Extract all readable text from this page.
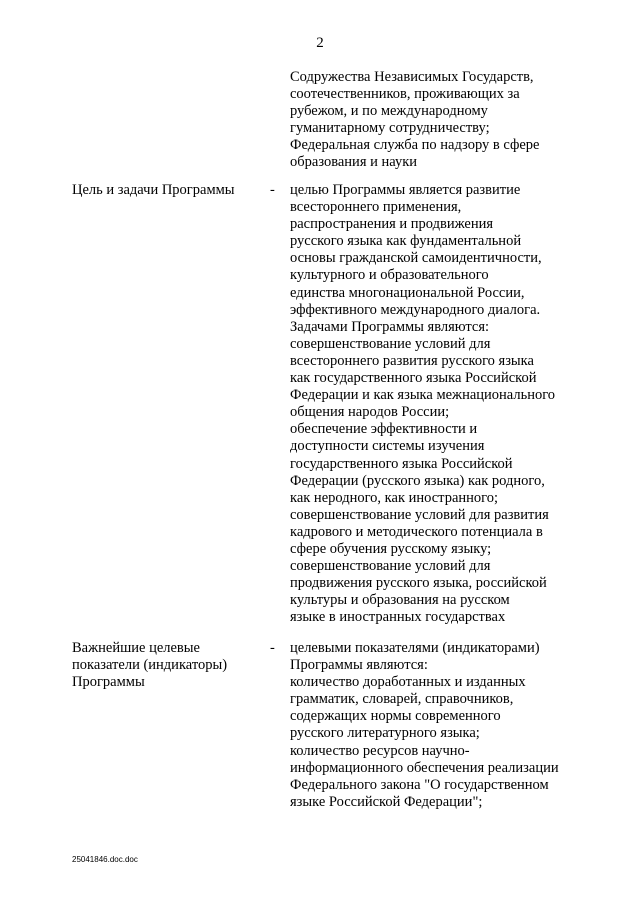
2
Содружества Независимых Государств,
соотечественников, проживающих за
рубежом, и по международному
гуманитарному сотрудничеству;
Федеральная служба по надзору в сфере
образования и науки
Цель и задачи Программы - целью Программы является развитие
всестороннего применения,
распространения и продвижения
русского языка как фундаментальной
основы гражданской самоидентичности,
культурного и образовательного
единства многонациональной России,
эффективного международного диалога.
Задачами Программы являются:
совершенствование условий для
всестороннего развития русского языка
как государственного языка Российской
Федерации и как языка межнационального
общения народов России;
обеспечение эффективности и
доступности системы изучения
государственного языка Российской
Федерации (русского языка) как родного,
как неродного, как иностранного;
совершенствование условий для развития
кадрового и методического потенциала в
сфере обучения русскому языку;
совершенствование условий для
продвижения русского языка, российской
культуры и образования на русском
языке в иностранных государствах
Важнейшие целевые
показатели (индикаторы)
Программы
- целевыми показателями (индикаторами)
Программы являются:
количество доработанных и изданных
грамматик, словарей, справочников,
содержащих нормы современного
русского литературного языка;
количество ресурсов научно-
информационного обеспечения реализации
Федерального закона "О государственном
языке Российской Федерации";
25041846.doc.doc
